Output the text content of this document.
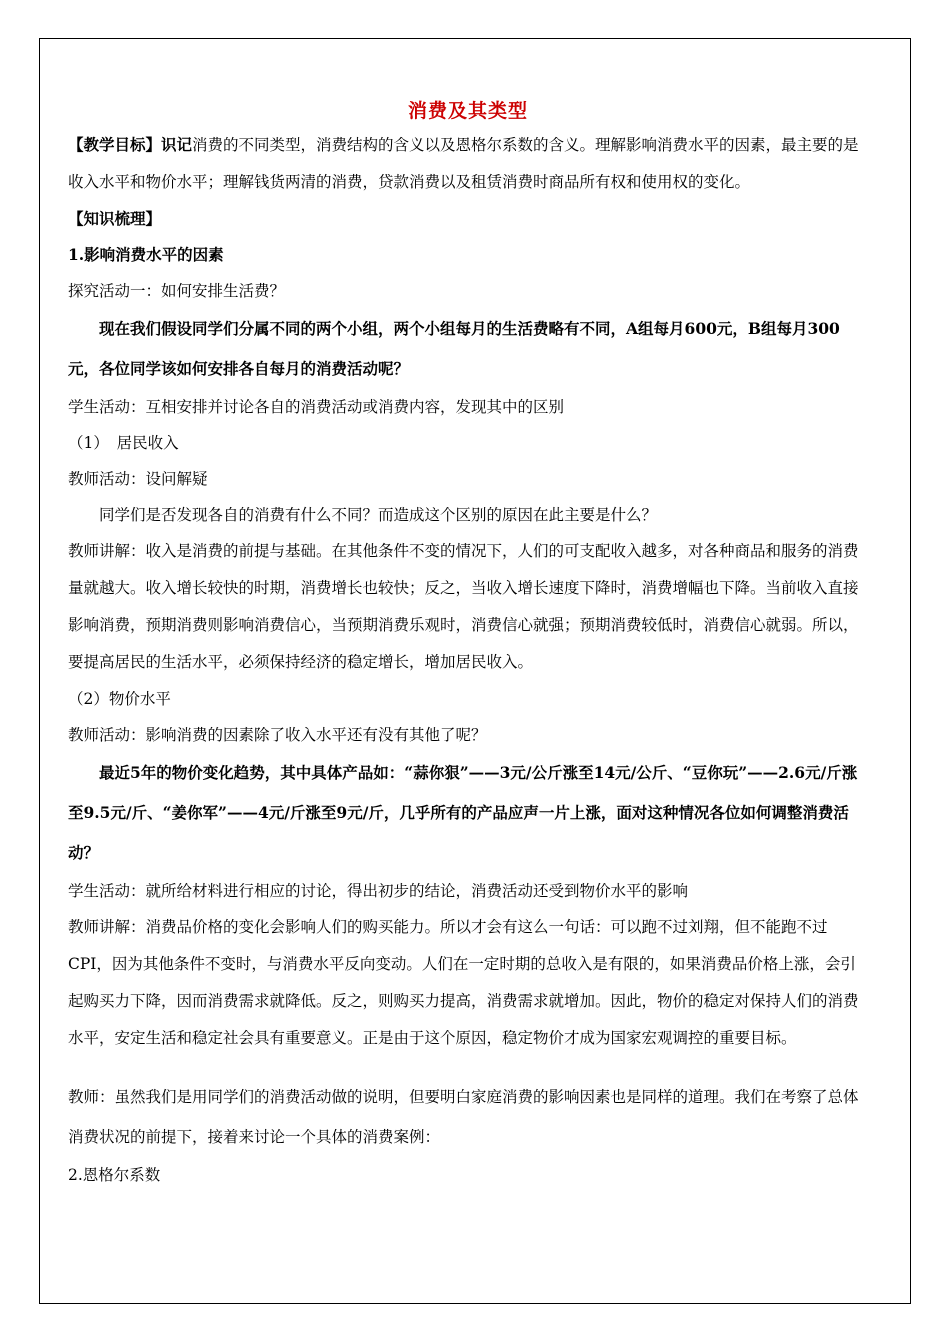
消费及其类型

【教学目标】识记消费的不同类型，消费结构的含义以及恩格尔系数的含义。理解影响消费水平的因素，最主要的是收入水平和物价水平；理解钱货两清的消费，贷款消费以及租赁消费时商品所有权和使用权的变化。

【知识梳理】

1.影响消费水平的因素

探究活动一：如何安排生活费？

现在我们假设同学们分属不同的两个小组，两个小组每月的生活费略有不同，A组每月600元，B组每月300元，各位同学该如何安排各自每月的消费活动呢？

学生活动：互相安排并讨论各自的消费活动或消费内容，发现其中的区别

（1）　居民收入

教师活动：设问解疑

同学们是否发现各自的消费有什么不同？而造成这个区别的原因在此主要是什么？

教师讲解：收入是消费的前提与基础。在其他条件不变的情况下，人们的可支配收入越多，对各种商品和服务的消费量就越大。收入增长较快的时期，消费增长也较快；反之，当收入增长速度下降时，消费增幅也下降。当前收入直接影响消费，预期消费则影响消费信心，当预期消费乐观时，消费信心就强；预期消费较低时，消费信心就弱。所以，要提高居民的生活水平，必须保持经济的稳定增长，增加居民收入。

（2）物价水平

教师活动：影响消费的因素除了收入水平还有没有其他了呢？

最近5年的物价变化趋势，其中具体产品如：“蒜你狠”——3元/公斤涨至14元/公斤、“豆你玩”——2.6元/斤涨至9.5元/斤、“姜你军”——4元/斤涨至9元/斤，几乎所有的产品应声一片上涨，面对这种情况各位如何调整消费活动？

学生活动：就所给材料进行相应的讨论，得出初步的结论，消费活动还受到物价水平的影响

教师讲解：消费品价格的变化会影响人们的购买能力。所以才会有这么一句话：可以跑不过刘翔，但不能跑不过CPI，因为其他条件不变时，与消费水平反向变动。人们在一定时期的总收入是有限的，如果消费品价格上涨，会引起购买力下降，因而消费需求就降低。反之，则购买力提高，消费需求就增加。因此，物价的稳定对保持人们的消费水平，安定生活和稳定社会具有重要意义。正是由于这个原因，稳定物价才成为国家宏观调控的重要目标。

教师：虽然我们是用同学们的消费活动做的说明，但要明白家庭消费的影响因素也是同样的道理。我们在考察了总体消费状况的前提下，接着来讨论一个具体的消费案例：

2.恩格尔系数
